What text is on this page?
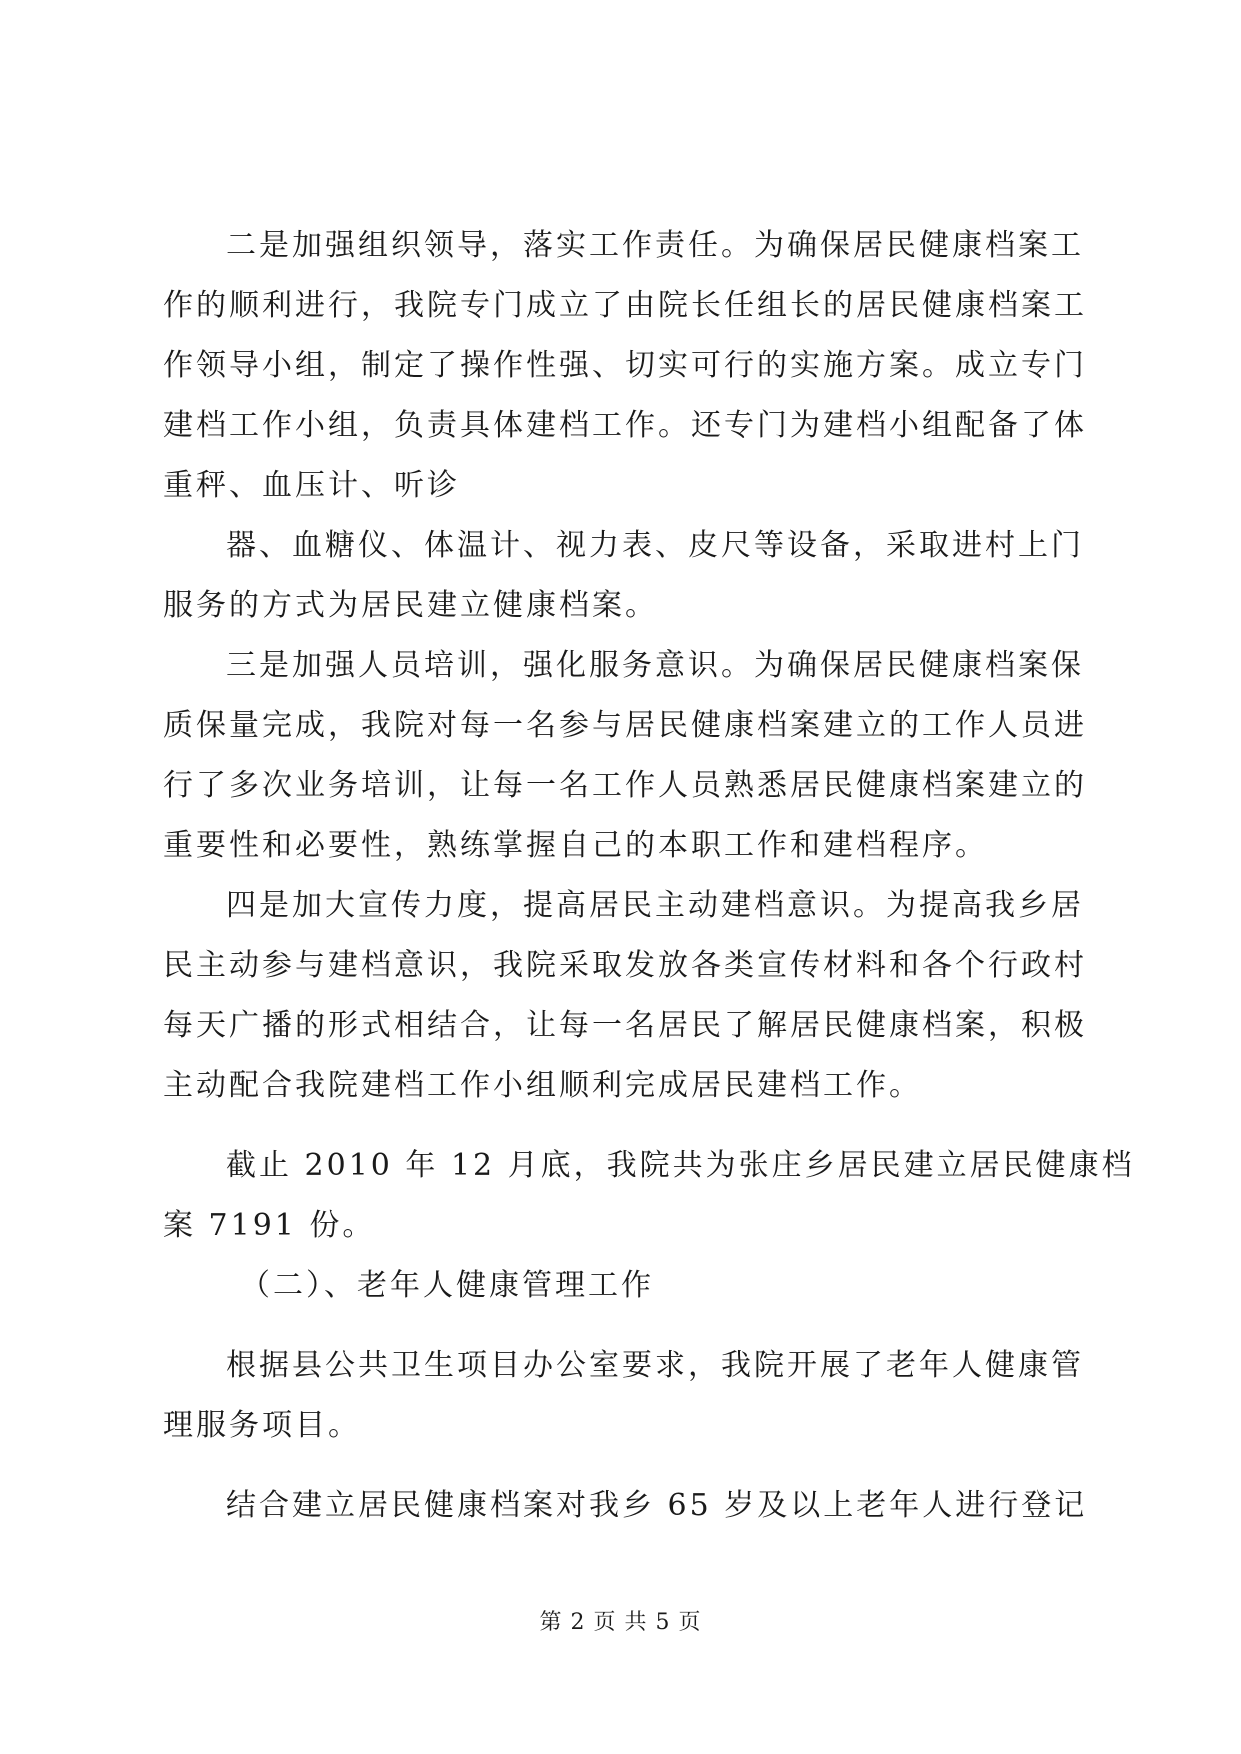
二是加强组织领导，落实工作责任。为确保居民健康档案工
作的顺利进行，我院专门成立了由院长任组长的居民健康档案工
作领导小组，制定了操作性强、切实可行的实施方案。成立专门
建档工作小组，负责具体建档工作。还专门为建档小组配备了体
重秤、血压计、听诊
器、血糖仪、体温计、视力表、皮尺等设备，采取进村上门
服务的方式为居民建立健康档案。
三是加强人员培训，强化服务意识。为确保居民健康档案保
质保量完成，我院对每一名参与居民健康档案建立的工作人员进
行了多次业务培训，让每一名工作人员熟悉居民健康档案建立的
重要性和必要性，熟练掌握自己的本职工作和建档程序。
四是加大宣传力度，提高居民主动建档意识。为提高我乡居
民主动参与建档意识，我院采取发放各类宣传材料和各个行政村
每天广播的形式相结合，让每一名居民了解居民健康档案，积极
主动配合我院建档工作小组顺利完成居民建档工作。
截止 2010 年 12 月底，我院共为张庄乡居民建立居民健康档
案 7191 份。
（二）、老年人健康管理工作
根据县公共卫生项目办公室要求，我院开展了老年人健康管
理服务项目。
结合建立居民健康档案对我乡 65 岁及以上老年人进行登记
第 2 页 共 5 页
